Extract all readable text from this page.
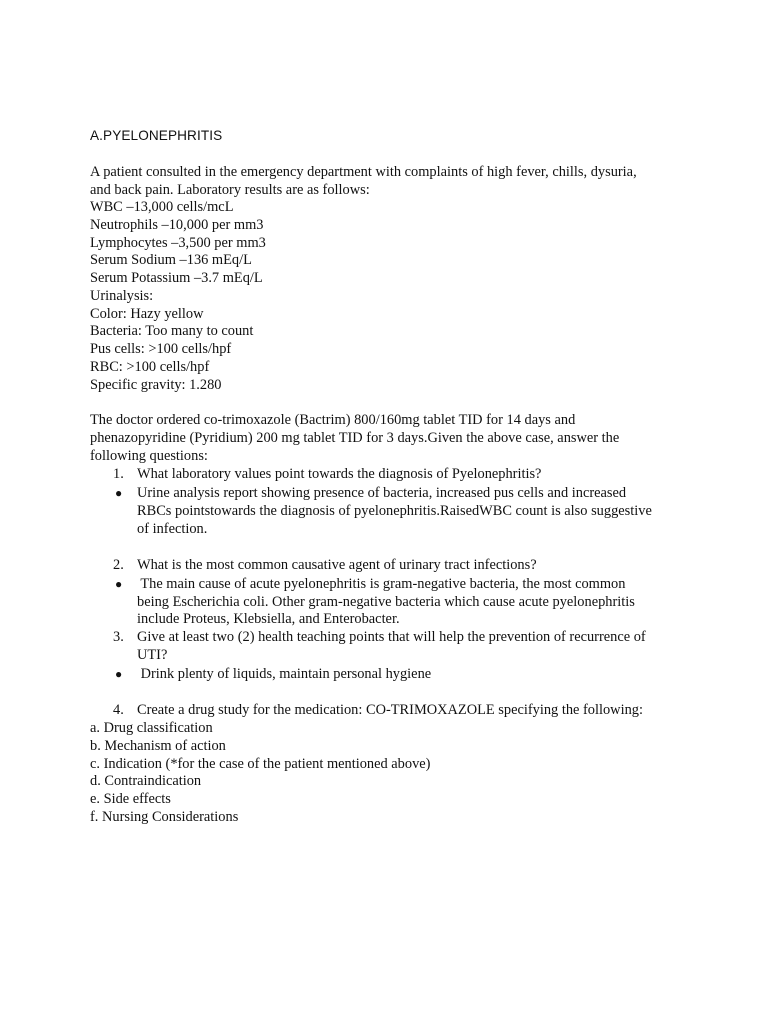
A.PYELONEPHRITIS
A patient consulted in the emergency department with complaints of high fever, chills, dysuria,
and back pain. Laboratory results are as follows:
WBC –13,000 cells/mcL
Neutrophils –10,000 per mm3
Lymphocytes –3,500 per mm3
Serum Sodium –136 mEq/L
Serum Potassium –3.7 mEq/L
Urinalysis:
Color: Hazy yellow
Bacteria: Too many to count
Pus cells: >100 cells/hpf
RBC: >100 cells/hpf
Specific gravity: 1.280
The doctor ordered co-trimoxazole (Bactrim) 800/160mg tablet TID for 14 days and
phenazopyridine (Pyridium) 200 mg tablet TID for 3 days.Given the above case, answer the
following questions:
1. What laboratory values point towards the diagnosis of Pyelonephritis?
● Urine analysis report showing presence of bacteria, increased pus cells and increased
RBCs pointstowards the diagnosis of pyelonephritis.RaisedWBC count is also suggestive
of infection.
2. What is the most common causative agent of urinary tract infections?
● The main cause of acute pyelonephritis is gram-negative bacteria, the most common
being Escherichia coli. Other gram-negative bacteria which cause acute pyelonephritis
include Proteus, Klebsiella, and Enterobacter.
3. Give at least two (2) health teaching points that will help the prevention of recurrence of
UTI?
● Drink plenty of liquids, maintain personal hygiene
4. Create a drug study for the medication: CO-TRIMOXAZOLE specifying the following:
a. Drug classification
b. Mechanism of action
c. Indication (*for the case of the patient mentioned above)
d. Contraindication
e. Side effects
f. Nursing Considerations
